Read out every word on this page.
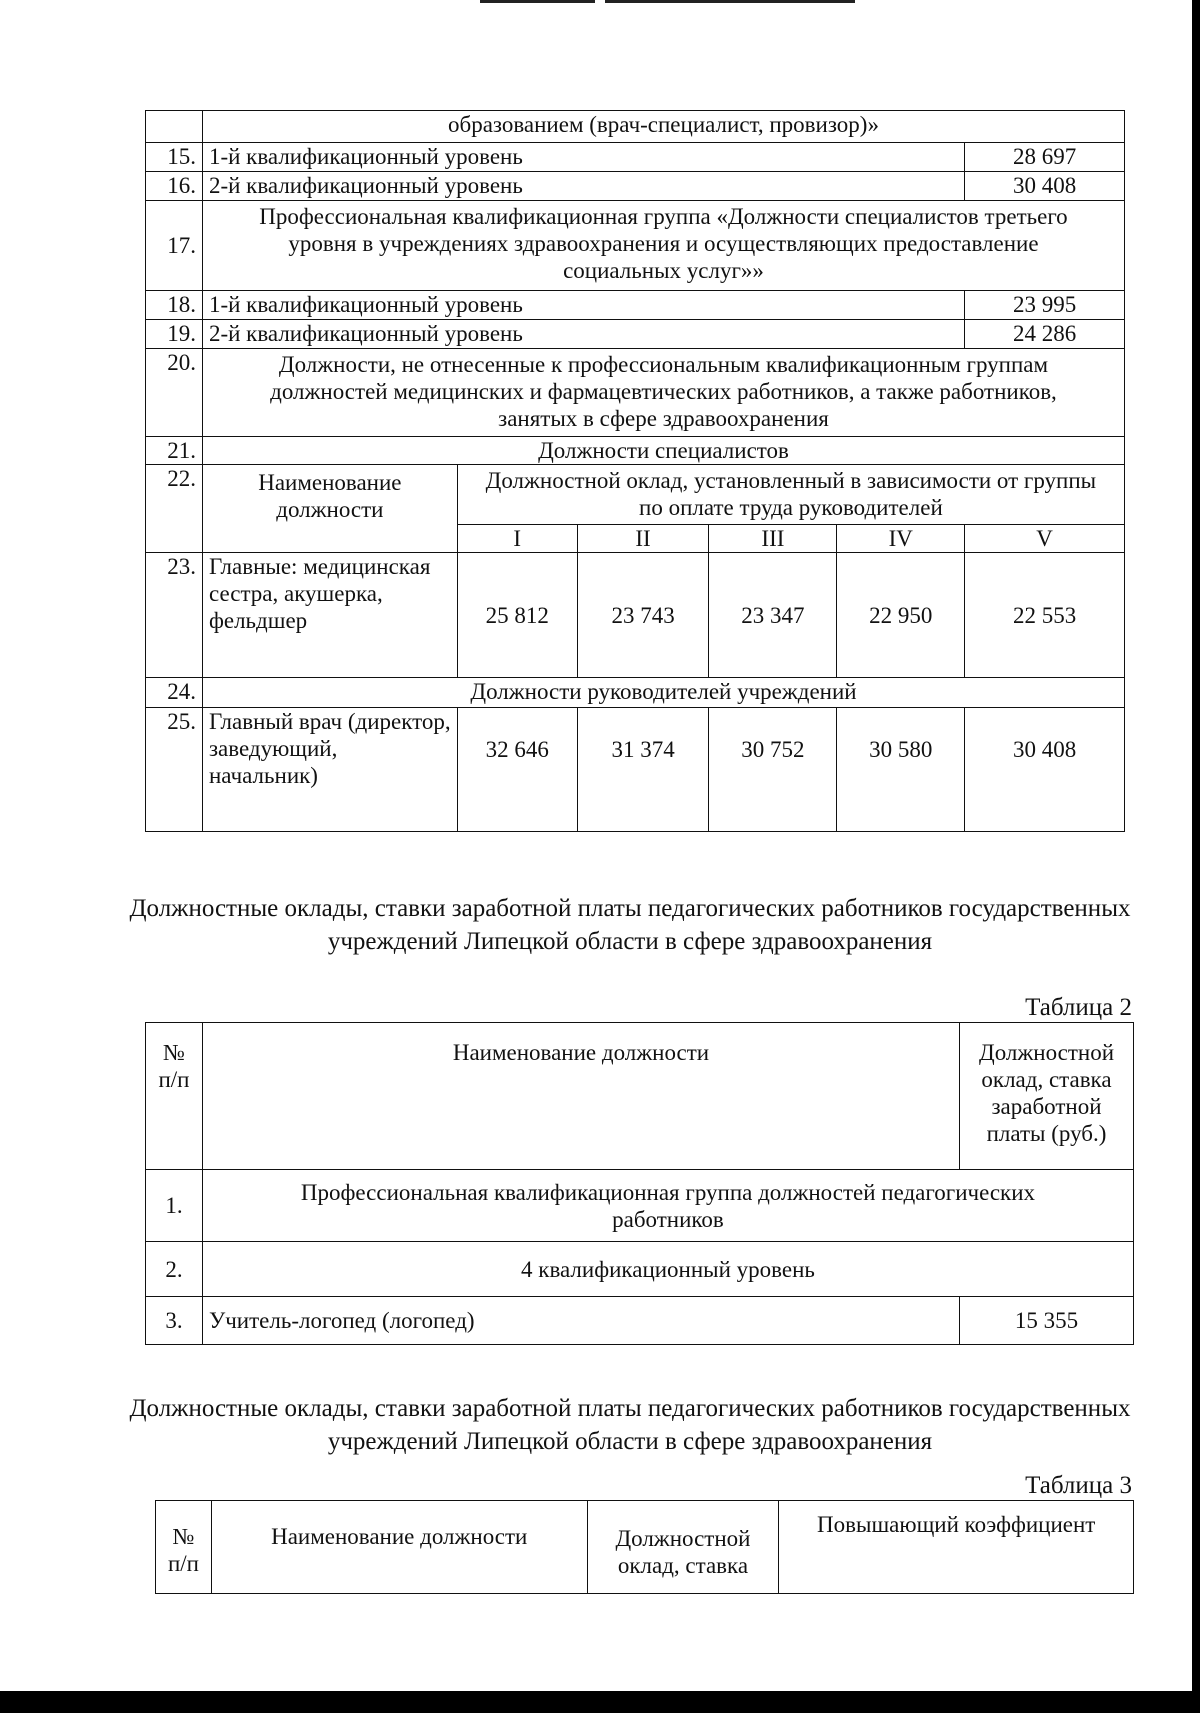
	образованием (врач-специалист, провизор)»					
15.	1-й квалификационный уровень					28 697
16.	2-й квалификационный уровень					30 408
17.	Профессиональная квалификационная группа «Должности специалистов третьего уровня в учреждениях здравоохранения и осуществляющих предоставление социальных услуг»»					
18.	1-й квалификационный уровень					23 995
19.	2-й квалификационный уровень					24 286
20.	Должности, не отнесенные к профессиональным квалификационным группам должностей медицинских и фармацевтических работников, а также работников, занятых в сфере здравоохранения					
21.	Должности специалистов					
22.	Наименование должности	Должностной оклад, установленный в зависимости от группы по оплате труда руководителей				
		I	II	III	IV	V
23.	Главные: медицинская сестра, акушерка, фельдшер	25 812	23 743	23 347	22 950	22 553
24.	Должности руководителей учреждений					
25.	Главный врач (директор, заведующий, начальник)	32 646	31 374	30 752	30 580	30 408
Должностные оклады, ставки заработной платы педагогических работников государственных учреждений Липецкой области в сфере здравоохранения
Таблица 2
№ п/п	Наименование должности	Должностной оклад, ставка заработной платы (руб.)
1.	Профессиональная квалификационная группа должностей педагогических работников	
2.	4 квалификационный уровень	
3.	Учитель-логопед (логопед)	15 355
Должностные оклады, ставки заработной платы педагогических работников государственных учреждений Липецкой области в сфере здравоохранения
Таблица 3
№ п/п	Наименование должности	Должностной оклад, ставка	Повышающий коэффициент
